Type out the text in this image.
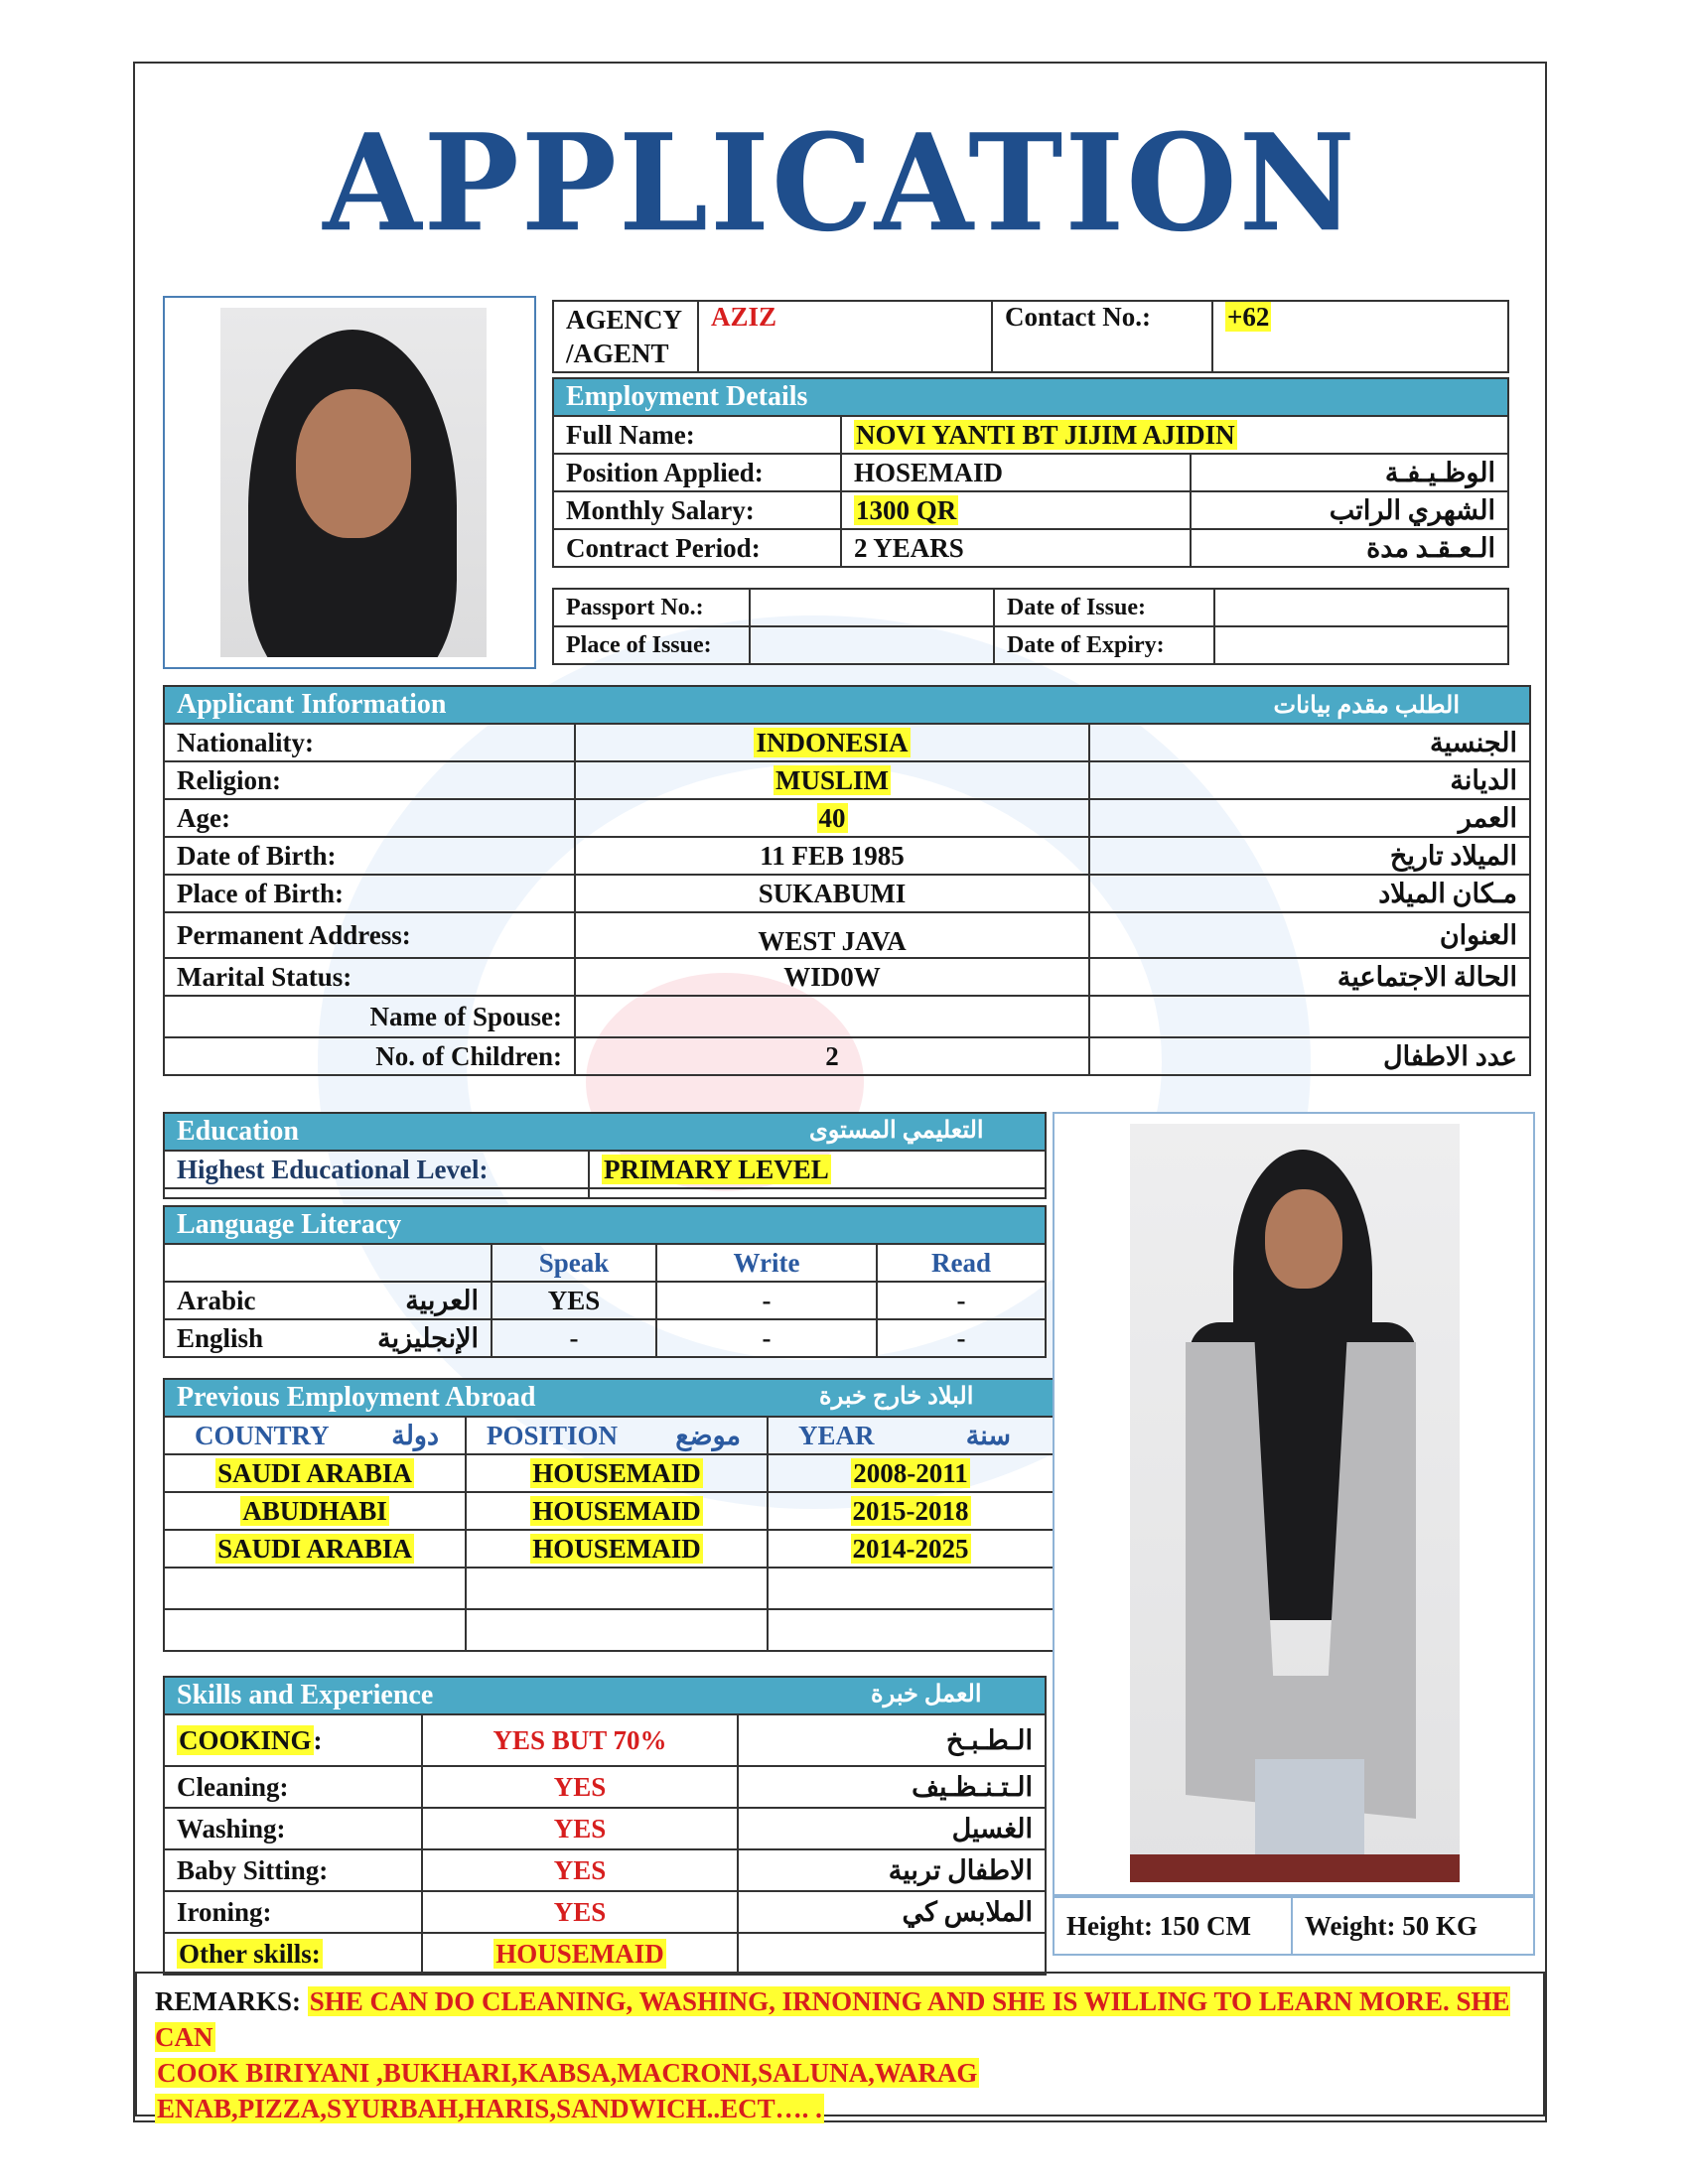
APPLICATION
AGENCY
/AGENT	AZIZ	Contact No.:	+62
Employment Details		
Full Name:	NOVI YANTI BT JIJIM AJIDIN	
Position Applied:	HOSEMAID	الوظـيـفـة
Monthly Salary:	1300 QR	الشهري الراتب
Contract Period:	2 YEARS	الـعـقـد مدة
Passport No.:		Date of Issue:	
Place of Issue:		Date of Expiry:	
Applicant Information		الطلب مقدم بيانات
Nationality:	INDONESIA	الجنسية
Religion:	MUSLIM	الديانة
Age:	40	العمر
Date of Birth:	11 FEB 1985	الميلاد تاريخ
Place of Birth:	SUKABUMI	مـكان الميلاد
Permanent Address:	WEST JAVA	العنوان
Marital Status:	WID0W	الحالة الاجتماعية
Name of Spouse:		
No. of Children:	2	عدد الاطفال
Education التعليمي المستوى	

Highest Educational Level:	PRIMARY LEVEL

Language Literacy			
	Speak	Write	Read
Arabic العربية	YES	-	-
English الإنجليزية	-	-	-
Previous Employment Abroad البلاد خارج خبرة		

COUNTRY دولة	POSITION موضع	YEAR سنة

SAUDI ARABIA	HOUSEMAID	2008-2011
ABUDHABI	HOUSEMAID	2015-2018
SAUDI ARABIA	HOUSEMAID	2014-2025

Skills and Experience العمل خبرة		

COOKING:	YES BUT 70%	الـطـبـخ
Cleaning:	YES	الـتـنـظـيف
Washing:	YES	الغسيل
Baby Sitting:	YES	الاطفال تربية
Ironing:	YES	الملابس كي
Other skills:	HOUSEMAID	
Height: 150 CM	Weight: 50 KG
REMARKS: SHE CAN DO CLEANING, WASHING, IRNONING AND SHE IS WILLING TO LEARN MORE. SHE CAN
COOK BIRIYANI ,BUKHARI,KABSA,MACRONI,SALUNA,WARAG
ENAB,PIZZA,SYURBAH,HARIS,SANDWICH..ECT…. .
